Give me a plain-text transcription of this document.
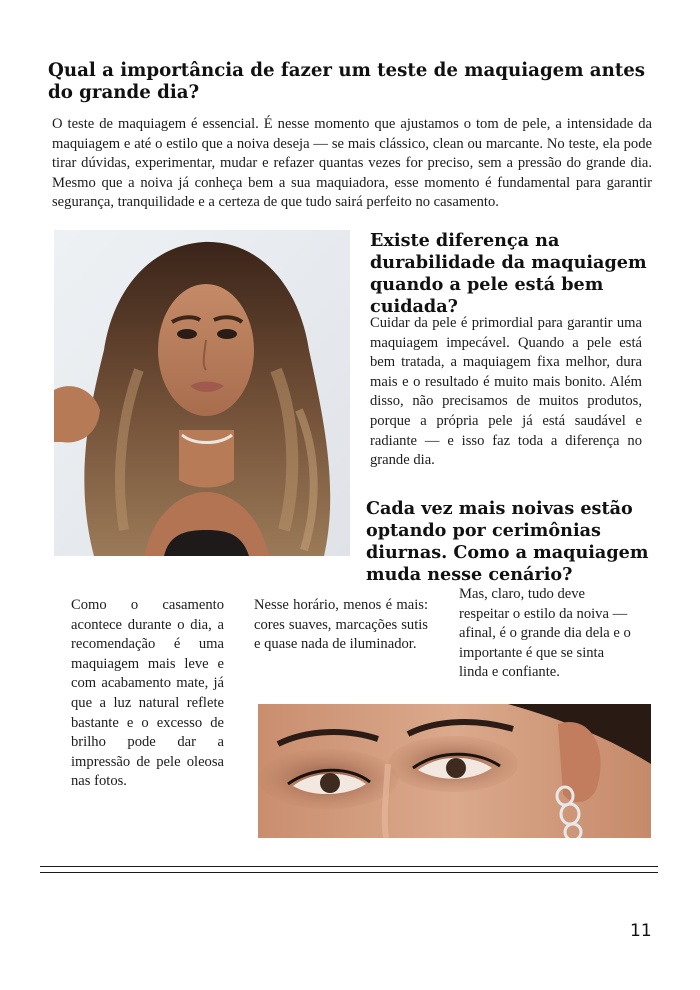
Qual a importância de fazer um teste de maquiagem antes do grande dia?

O teste de maquiagem é essencial. É nesse momento que ajustamos o tom de pele, a intensidade da maquiagem e até o estilo que a noiva deseja — se mais clássico, clean ou marcante. No teste, ela pode tirar dúvidas, experimentar, mudar e refazer quantas vezes for preciso, sem a pressão do grande dia. Mesmo que a noiva já conheça bem a sua maquiadora, esse momento é fundamental para garantir segurança, tranquilidade e a certeza de que tudo sairá perfeito no casamento.

Existe diferença na durabilidade da maquiagem quando a pele está bem cuidada?

Cuidar da pele é primordial para garantir uma maquiagem impecável. Quando a pele está bem tratada, a maquiagem fixa melhor, dura mais e o resultado é muito mais bonito. Além disso, não precisamos de muitos produtos, porque a própria pele já está saudável e radiante — e isso faz toda a diferença no grande dia.

Cada vez mais noivas estão optando por cerimônias diurnas. Como a maquiagem muda nesse cenário?

Como o casamento acontece durante o dia, a recomendação é uma maquiagem mais leve e com acabamento mate, já que a luz natural reflete bastante e o excesso de brilho pode dar a impressão de pele oleosa nas fotos.

Nesse horário, menos é mais: cores suaves, marcações sutis e quase nada de iluminador.

Mas, claro, tudo deve respeitar o estilo da noiva — afinal, é o grande dia dela e o importante é que se sinta linda e confiante.

11
